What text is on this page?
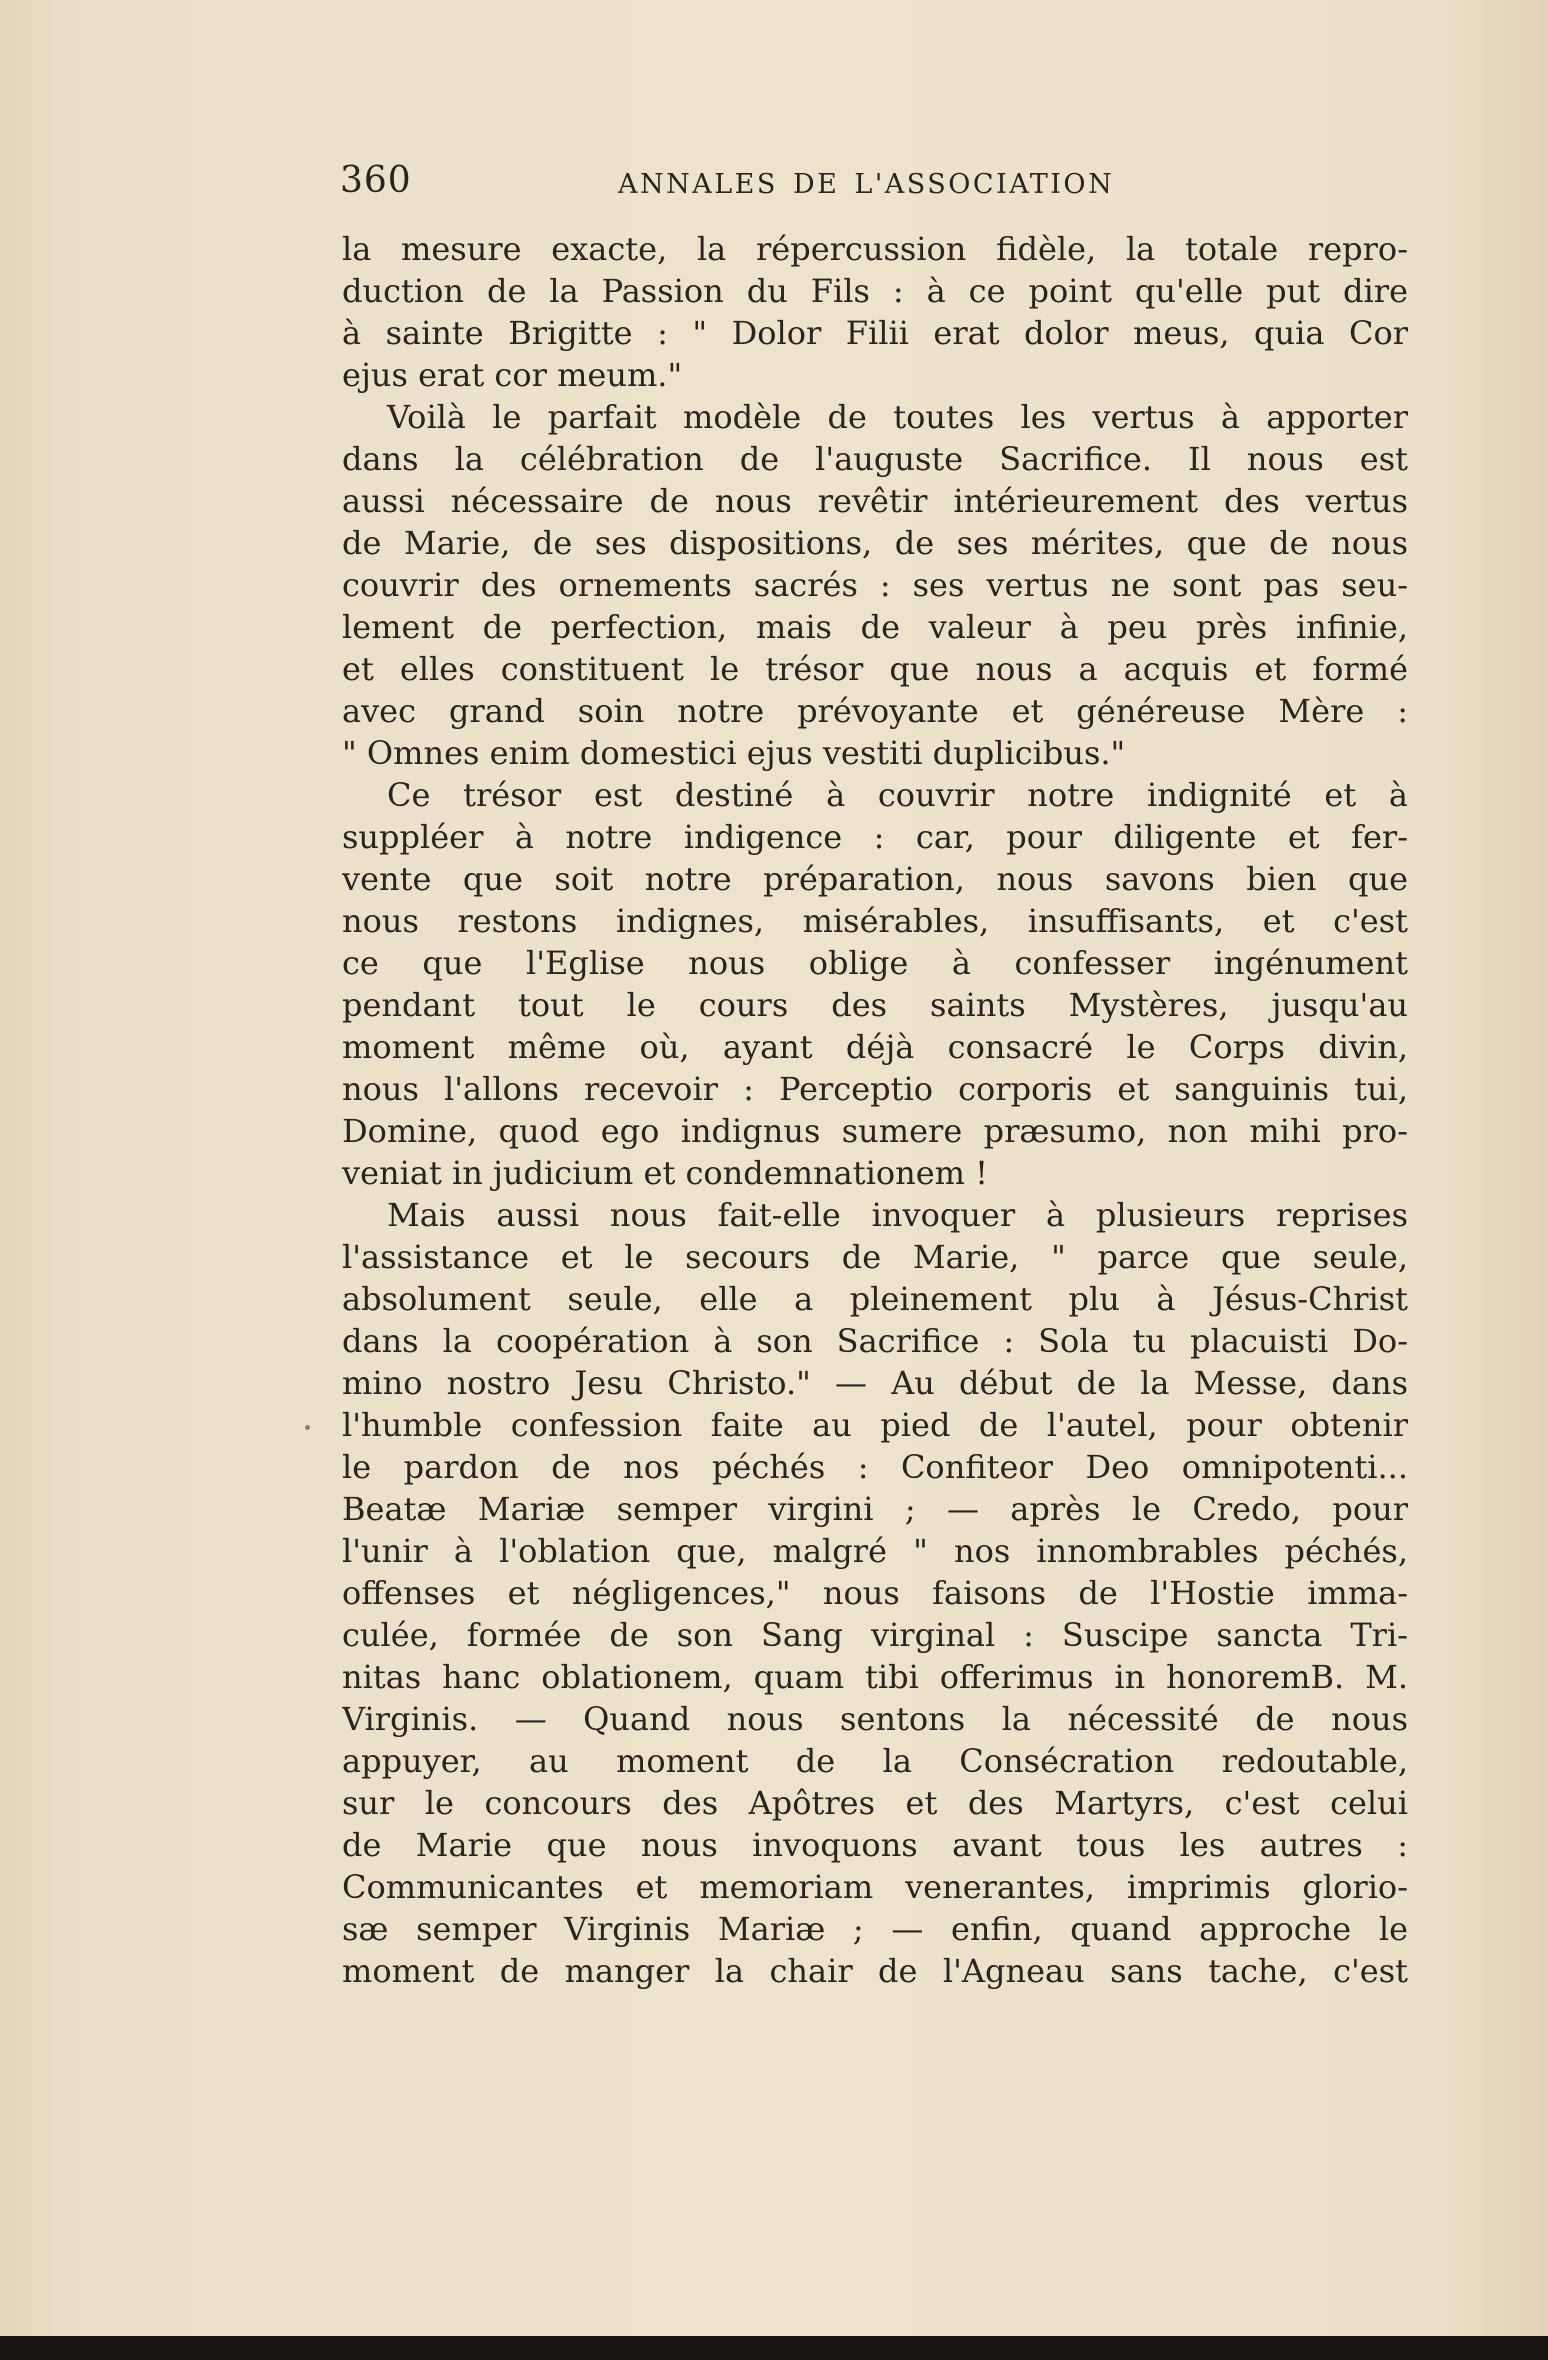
360	ANNALES DE L'ASSOCIATION
la mesure exacte, la répercussion fidèle, la totale repro-
duction de la Passion du Fils : à ce point qu'elle put dire
à sainte Brigitte : " Dolor Filii erat dolor meus, quia Cor
ejus erat cor meum."
Voilà le parfait modèle de toutes les vertus à apporter
dans la célébration de l'auguste Sacrifice. Il nous est
aussi nécessaire de nous revêtir intérieurement des vertus
de Marie, de ses dispositions, de ses mérites, que de nous
couvrir des ornements sacrés : ses vertus ne sont pas seu-
lement de perfection, mais de valeur à peu près infinie,
et elles constituent le trésor que nous a acquis et formé
avec grand soin notre prévoyante et généreuse Mère :
" Omnes enim domestici ejus vestiti duplicibus."
Ce trésor est destiné à couvrir notre indignité et à
suppléer à notre indigence : car, pour diligente et fer-
vente que soit notre préparation, nous savons bien que
nous restons indignes, misérables, insuffisants, et c'est
ce que l'Eglise nous oblige à confesser ingénument
pendant tout le cours des saints Mystères, jusqu'au
moment même où, ayant déjà consacré le Corps divin,
nous l'allons recevoir : Perceptio corporis et sanguinis tui,
Domine, quod ego indignus sumere præsumo, non mihi pro-
veniat in judicium et condemnationem !
Mais aussi nous fait-elle invoquer à plusieurs reprises
l'assistance et le secours de Marie, " parce que seule,
absolument seule, elle a pleinement plu à Jésus-Christ
dans la coopération à son Sacrifice : Sola tu placuisti Do-
mino nostro Jesu Christo." — Au début de la Messe, dans
l'humble confession faite au pied de l'autel, pour obtenir
le pardon de nos péchés : Confiteor Deo omnipotenti...
Beatæ Mariæ semper virgini ; — après le Credo, pour
l'unir à l'oblation que, malgré " nos innombrables péchés,
offenses et négligences," nous faisons de l'Hostie imma-
culée, formée de son Sang virginal : Suscipe sancta Tri-
nitas hanc oblationem, quam tibi offerimus in honoremB. M.
Virginis. — Quand nous sentons la nécessité de nous
appuyer, au moment de la Consécration redoutable,
sur le concours des Apôtres et des Martyrs, c'est celui
de Marie que nous invoquons avant tous les autres :
Communicantes et memoriam venerantes, imprimis glorio-
sæ semper Virginis Mariæ ; — enfin, quand approche le
moment de manger la chair de l'Agneau sans tache, c'est
